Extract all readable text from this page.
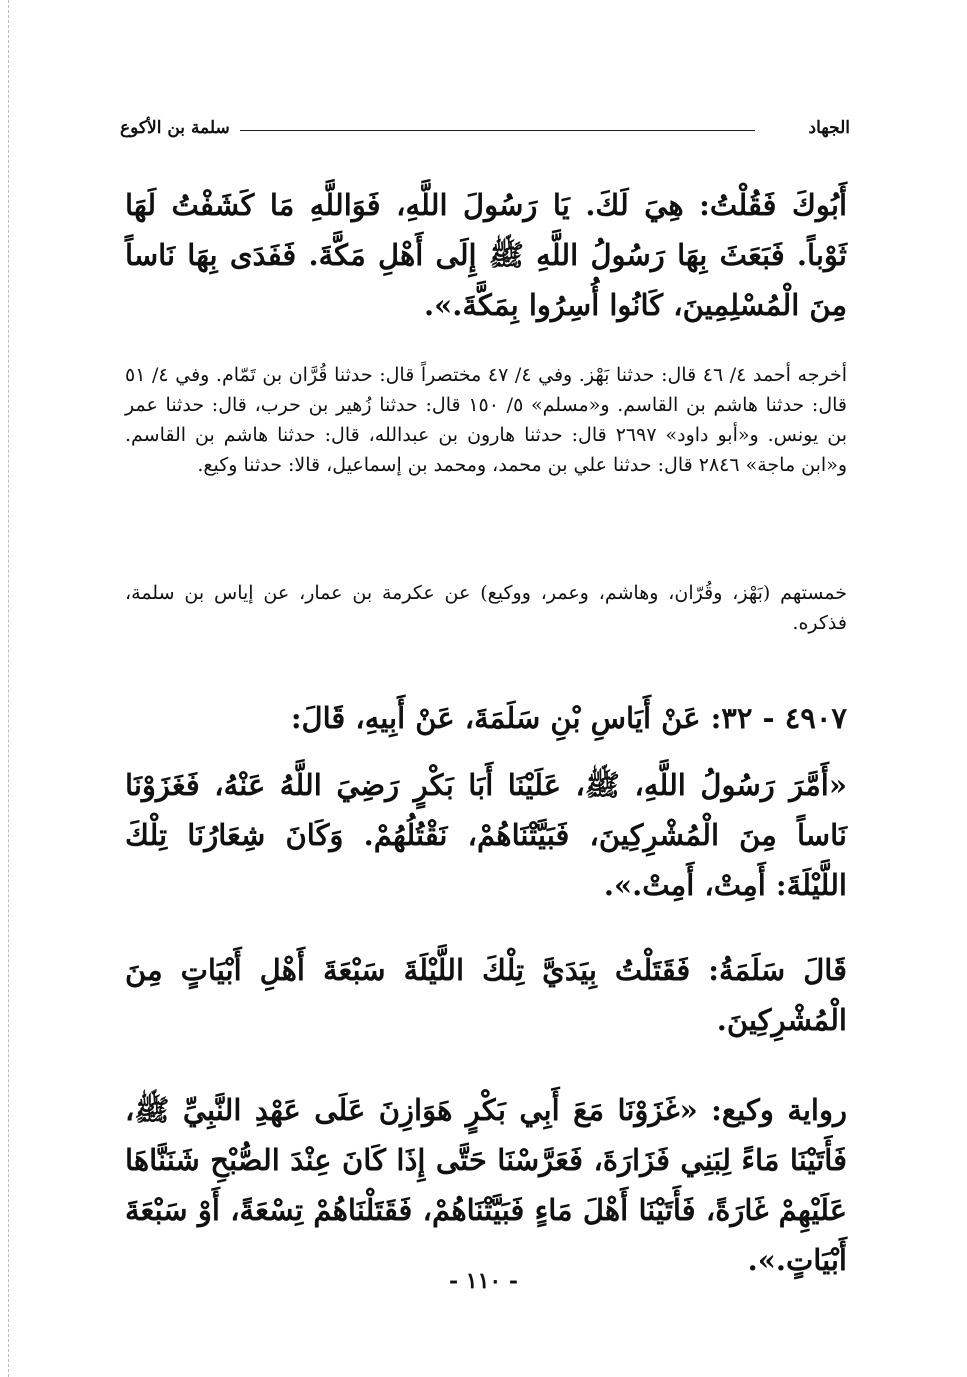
الجهاد
سلمة بن الأكوع

أَبُوكَ فَقُلْتُ: هِيَ لَكَ. يَا رَسُولَ اللَّهِ، فَوَاللَّهِ مَا كَشَفْتُ لَهَا ثَوْباً. فَبَعَثَ بِهَا رَسُولُ اللَّهِ ﷺ إِلَى أَهْلِ مَكَّةَ. فَفَدَى بِهَا نَاساً مِنَ الْمُسْلِمِينَ، كَانُوا أُسِرُوا بِمَكَّةَ.».

أخرجه أحمد ٤/ ٤٦ قال: حدثنا بَهْز. وفي ٤/ ٤٧ مختصراً قال: حدثنا قُرَّان بن تَمّام. وفي ٤/ ٥١ قال: حدثنا هاشم بن القاسم. و«مسلم» ٥/ ١٥٠ قال: حدثنا زُهير بن حرب، قال: حدثنا عمر بن يونس. و«أبو داود» ٢٦٩٧ قال: حدثنا هارون بن عبدالله، قال: حدثنا هاشم بن القاسم. و«ابن ماجة» ٢٨٤٦ قال: حدثنا علي بن محمد، ومحمد بن إسماعيل، قالا: حدثنا وكيع.

خمستهم (بَهْز، وقُرّان، وهاشم، وعمر، ووكيع) عن عكرمة بن عمار، عن إياس بن سلمة، فذكره.

٤٩٠٧ - ٣٢: عَنْ أَيَاسِ بْنِ سَلَمَةَ، عَنْ أَبِيهِ، قَالَ:

«أَمَّرَ رَسُولُ اللَّهِ، ﷺ، عَلَيْنَا أَبَا بَكْرٍ رَضِيَ اللَّهُ عَنْهُ، فَغَزَوْنَا نَاساً مِنَ الْمُشْرِكِينَ، فَبَيَّتْنَاهُمْ، نَقْتُلُهُمْ. وَكَانَ شِعَارُنَا تِلْكَ اللَّيْلَةَ: أَمِتْ، أَمِتْ.».

قَالَ سَلَمَةُ: فَقَتَلْتُ بِيَدَيَّ تِلْكَ اللَّيْلَةَ سَبْعَةَ أَهْلِ أَبْيَاتٍ مِنَ الْمُشْرِكِينَ.

رواية وكيع: «غَزَوْنَا مَعَ أَبِي بَكْرٍ هَوَازِنَ عَلَى عَهْدِ النَّبِيِّ ﷺ، فَأَتَيْنَا مَاءً لِبَنِي فَزَارَةَ، فَعَرَّسْنَا حَتَّى إِذَا كَانَ عِنْدَ الصُّبْحِ شَنَنَّاهَا عَلَيْهِمْ غَارَةً، فَأَتَيْنَا أَهْلَ مَاءٍ فَبَيَّتْنَاهُمْ، فَقَتَلْنَاهُمْ تِسْعَةً، أَوْ سَبْعَةَ أَبْيَاتٍ.».

- ١١٠ -
